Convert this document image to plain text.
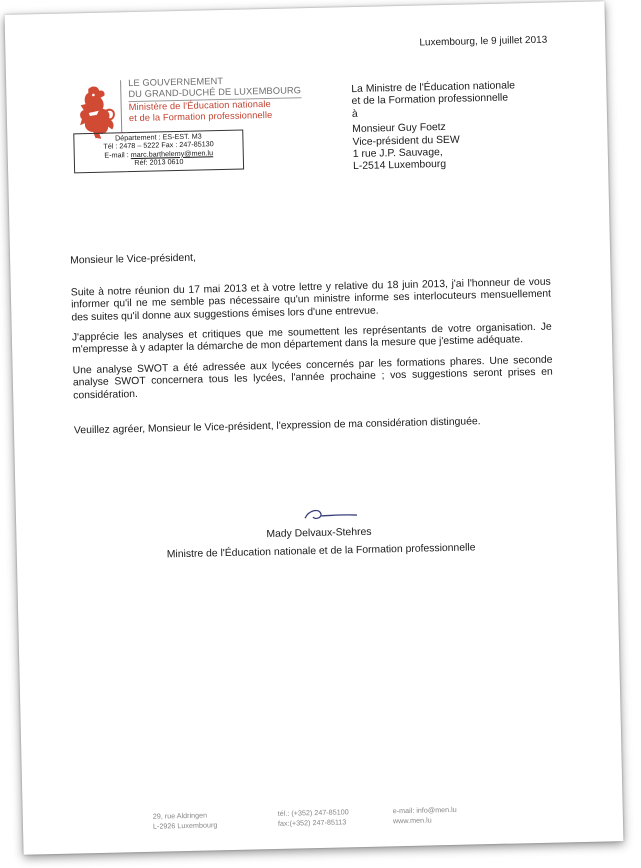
Luxembourg, le 9 juillet 2013
LE GOUVERNEMENT
DU GRAND-DUCHÉ DE LUXEMBOURG
Ministère de l'Éducation nationale
et de la Formation professionnelle
Département : ES-EST. M3
Tél : 2478 – 5222 Fax : 247-85130
E-mail : marc.barthelemy@men.lu
Réf: 2013 0610
La Ministre de l'Éducation nationale
et de la Formation professionnelle
à
Monsieur Guy Foetz
Vice-président du SEW
1 rue J.P. Sauvage,
L-2514 Luxembourg
Monsieur le Vice-président,
Suite à notre réunion du 17 mai 2013 et à votre lettre y relative du 18 juin 2013, j'ai l'honneur de vous informer qu'il ne me semble pas nécessaire qu'un ministre informe ses interlocuteurs mensuellement des suites qu'il donne aux suggestions émises lors d'une entrevue.
J'apprécie les analyses et critiques que me soumettent les représentants de votre organisation. Je m'empresse à y adapter la démarche de mon département dans la mesure que j'estime adéquate.
Une analyse SWOT a été adressée aux lycées concernés par les formations phares. Une seconde analyse SWOT concernera tous les lycées, l'année prochaine ; vos suggestions seront prises en considération.
Veuillez agréer, Monsieur le Vice-président, l'expression de ma considération distinguée.
Mady Delvaux-Stehres
Ministre de l'Éducation nationale et de la Formation professionnelle
29, rue Aldringen
L-2926 Luxembourg
tél.: (+352) 247-85100
fax:(+352) 247-85113
e-mail: info@men.lu
www.men.lu
